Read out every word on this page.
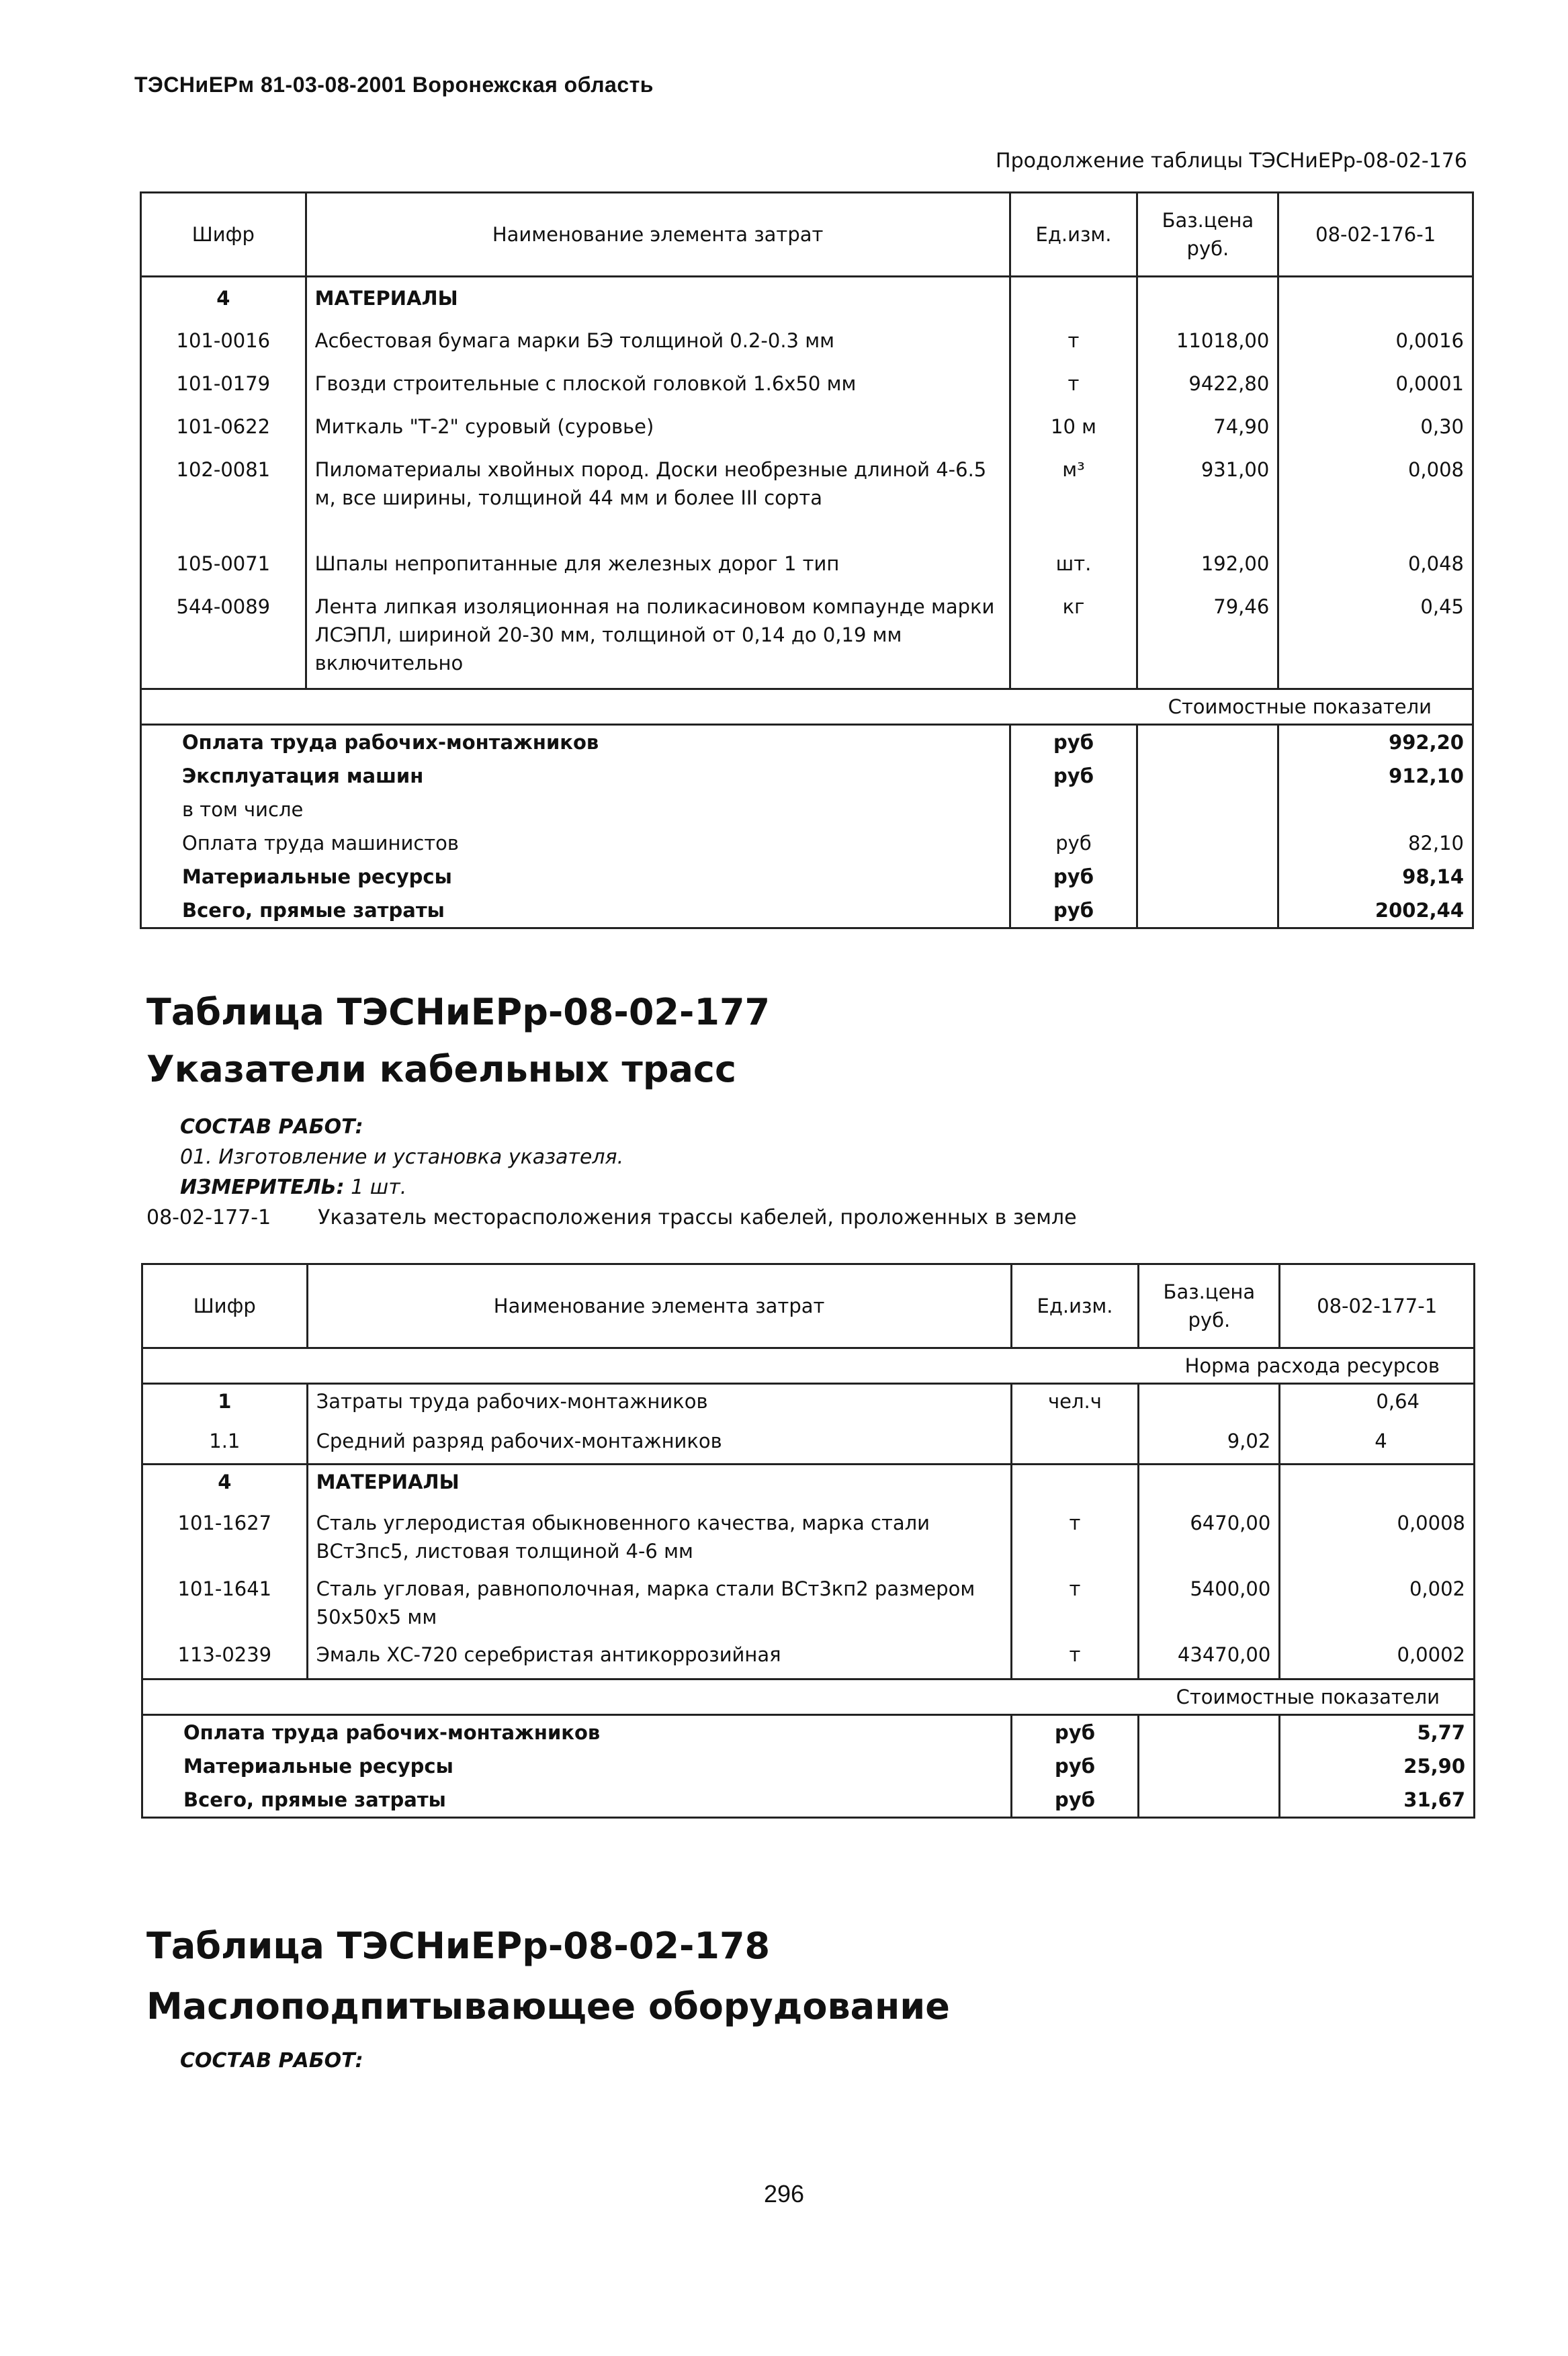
ТЭСНиЕРм 81-03-08-2001 Воронежская область
Продолжение таблицы ТЭСНиЕРр-08-02-176
Шифр	Наименование элемента затрат	Ед.изм.	Баз.цена руб.	08-02-176-1
4	МАТЕРИАЛЫ			
101-0016	Асбестовая бумага марки БЭ толщиной 0.2-0.3 мм	т	11018,00	0,0016
101-0179	Гвозди строительные с плоской головкой 1.6х50 мм	т	9422,80	0,0001
101-0622	Миткаль "Т-2" суровый (суровье)	10 м	74,90	0,30
102-0081	Пиломатериалы хвойных пород. Доски необрезные длиной 4-6.5 м, все ширины, толщиной 44 мм и более III сорта	м³	931,00	0,008
105-0071	Шпалы непропитанные для железных дорог 1 тип	шт.	192,00	0,048
544-0089	Лента липкая изоляционная на поликасиновом компаунде марки ЛСЭПЛ, шириной 20-30 мм, толщиной от 0,14 до 0,19 мм включительно	кг	79,46	0,45
Стоимостные показатели				
Оплата труда рабочих-монтажников		руб		992,20
Эксплуатация машин		руб		912,10
в том числе				
Оплата труда машинистов		руб		82,10
Материальные ресурсы		руб		98,14
Всего, прямые затраты		руб		2002,44
Таблица ТЭСНиЕРр-08-02-177
Указатели кабельных трасс
СОСТАВ РАБОТ:
01. Изготовление и установка указателя.
ИЗМЕРИТЕЛЬ: 1 шт.
08-02-177-1 Указатель месторасположения трассы кабелей, проложенных в земле
Шифр	Наименование элемента затрат	Ед.изм.	Баз.цена руб.	08-02-177-1
Норма расхода ресурсов				
1	Затраты труда рабочих-монтажников	чел.ч		0,64
1.1	Средний разряд рабочих-монтажников		9,02	4
4	МАТЕРИАЛЫ			
101-1627	Сталь углеродистая обыкновенного качества, марка стали ВСт3пс5, листовая толщиной 4-6 мм	т	6470,00	0,0008
101-1641	Сталь угловая, равнополочная, марка стали ВСт3кп2 размером 50х50х5 мм	т	5400,00	0,002
113-0239	Эмаль ХС-720 серебристая антикоррозийная	т	43470,00	0,0002
Стоимостные показатели				
Оплата труда рабочих-монтажников		руб		5,77
Материальные ресурсы		руб		25,90
Всего, прямые затраты		руб		31,67
Таблица ТЭСНиЕРр-08-02-178
Маслоподпитывающее оборудование
СОСТАВ РАБОТ:
296
